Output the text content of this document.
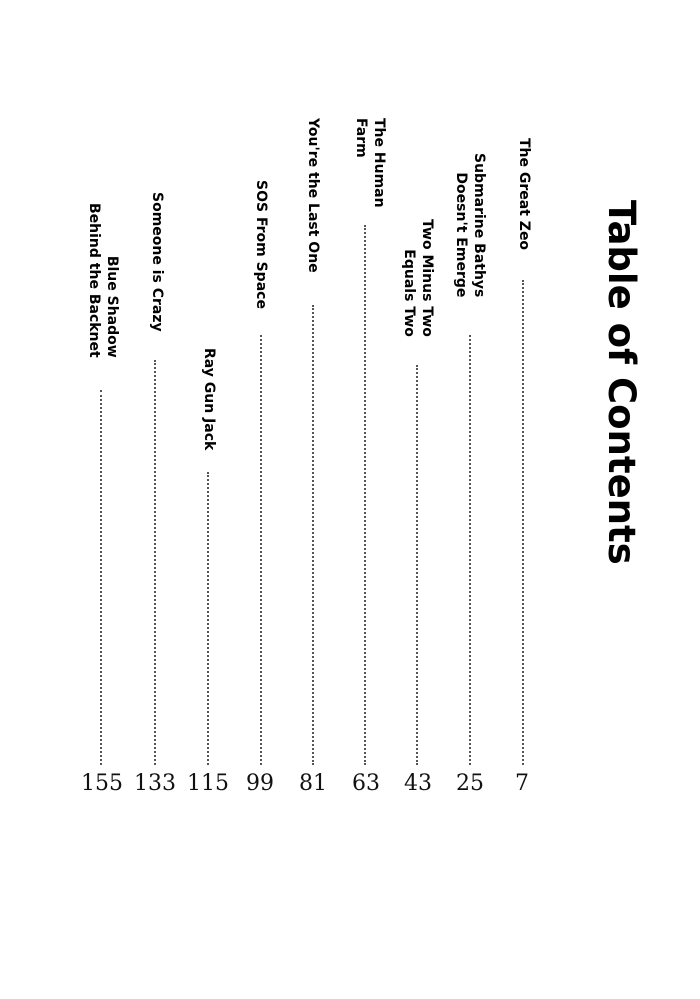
Table of Contents
The Great Zeo
7
Submarine Bathys
Doesn't Emerge
25
Two Minus Two
Equals Two
43
The Human
Farm
63
You're the Last One
81
SOS From Space
99
Ray Gun Jack
115
Someone is Crazy
133
Blue Shadow
Behind the Backnet
155
